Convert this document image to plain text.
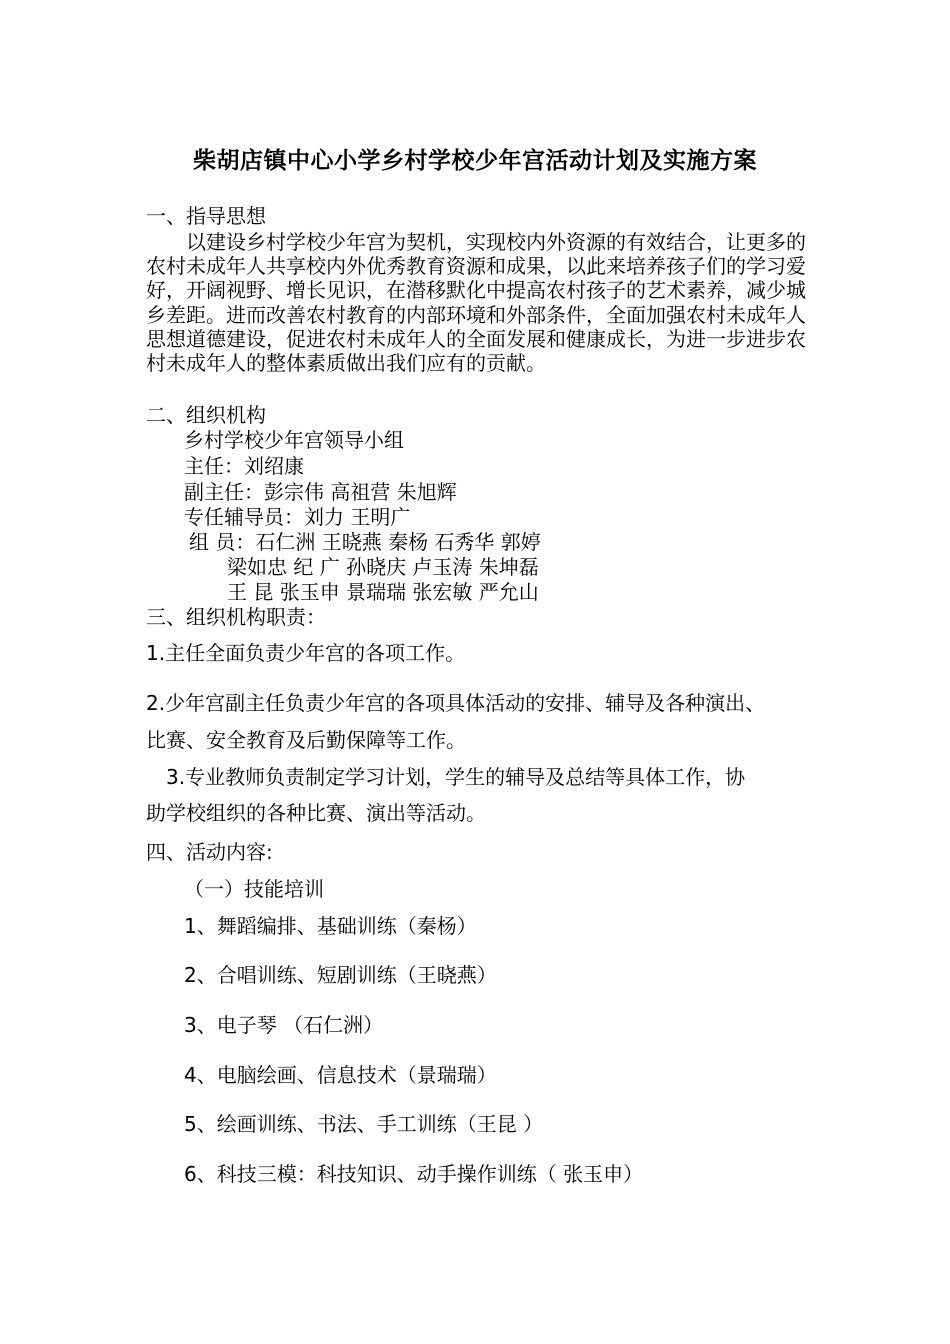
柴胡店镇中心小学乡村学校少年宫活动计划及实施方案
一、指导思想
以建设乡村学校少年宫为契机，实现校内外资源的有效结合，让更多的农村未成年人共享校内外优秀教育资源和成果，以此来培养孩子们的学习爱好，开阔视野、增长见识，在潜移默化中提高农村孩子的艺术素养，减少城乡差距。进而改善农村教育的内部环境和外部条件，全面加强农村未成年人思想道德建设，促进农村未成年人的全面发展和健康成长，为进一步进步农村未成年人的整体素质做出我们应有的贡献。
二、组织机构
乡村学校少年宫领导小组
主任：刘绍康
副主任：彭宗伟 高祖营 朱旭辉
专任辅导员：刘力 王明广
组 员：石仁洲 王晓燕 秦杨 石秀华 郭婷
梁如忠 纪 广 孙晓庆 卢玉涛 朱坤磊
王 昆 张玉申 景瑞瑞 张宏敏 严允山
三、组织机构职责：
1.主任全面负责少年宫的各项工作。
2.少年宫副主任负责少年宫的各项具体活动的安排、辅导及各种演出、
比赛、安全教育及后勤保障等工作。
3.专业教师负责制定学习计划，学生的辅导及总结等具体工作，协
助学校组织的各种比赛、演出等活动。
四、活动内容:
（一）技能培训
1、舞蹈编排、基础训练（秦杨）
2、合唱训练、短剧训练（王晓燕）
3、电子琴 （石仁洲）
4、电脑绘画、信息技术（景瑞瑞）
5、绘画训练、书法、手工训练（王昆 ）
6、科技三模：科技知识、动手操作训练（ 张玉申）
